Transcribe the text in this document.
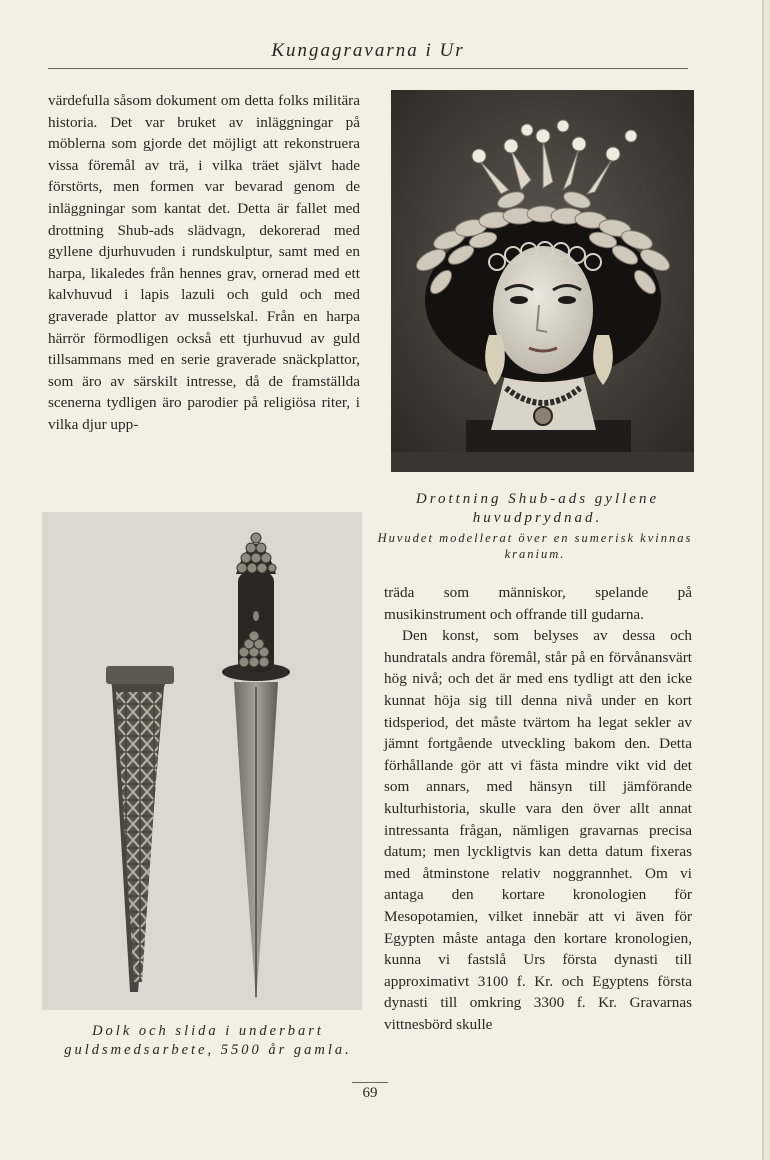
Kungagravarna i Ur

värdefulla såsom dokument om detta folks militära historia. Det var bruket av inläggningar på möblerna som gjorde det möjligt att rekonstruera vissa föremål av trä, i vilka träet självt hade förstörts, men formen var bevarad genom de inläggningar som kantat det. Detta är fallet med drottning Shub-ads slädvagn, dekorerad med gyllene djurhuvuden i rundskulptur, samt med en harpa, likaledes från hennes grav, ornerad med ett kalvhuvud i lapis lazuli och guld och med graverade plattor av musselskal. Från en harpa härrör förmodligen också ett tjurhuvud av guld tillsammans med en serie graverade snäckplattor, som äro av särskilt intresse, då de framställda scenerna tydligen äro parodier på religiösa riter, i vilka djur upp-

Drottning Shub-ads gyllene huvudprydnad.
Huvudet modellerat över en sumerisk kvinnas kranium.
Dolk och slida i underbart guldsmedsarbete, 5500 år gamla.

träda som människor, spelande på musikinstrument och offrande till gudarna.

Den konst, som belyses av dessa och hundratals andra föremål, står på en förvånansvärt hög nivå; och det är med ens tydligt att den icke kunnat höja sig till denna nivå under en kort tidsperiod, det måste tvärtom ha legat sekler av jämnt fortgående utveckling bakom den. Detta förhållande gör att vi fästa mindre vikt vid det som annars, med hänsyn till jämförande kulturhistoria, skulle vara den över allt annat intressanta frågan, nämligen gravarnas precisa datum; men lyckligtvis kan detta datum fixeras med åtminstone relativ noggrannhet. Om vi antaga den kortare kronologien för Mesopotamien, vilket innebär att vi även för Egypten måste antaga den kortare kronologien, kunna vi fastslå Urs första dynasti till approximativt 3100 f. Kr. och Egyptens första dynasti till omkring 3300 f. Kr. Gravarnas vittnesbörd skulle

69
